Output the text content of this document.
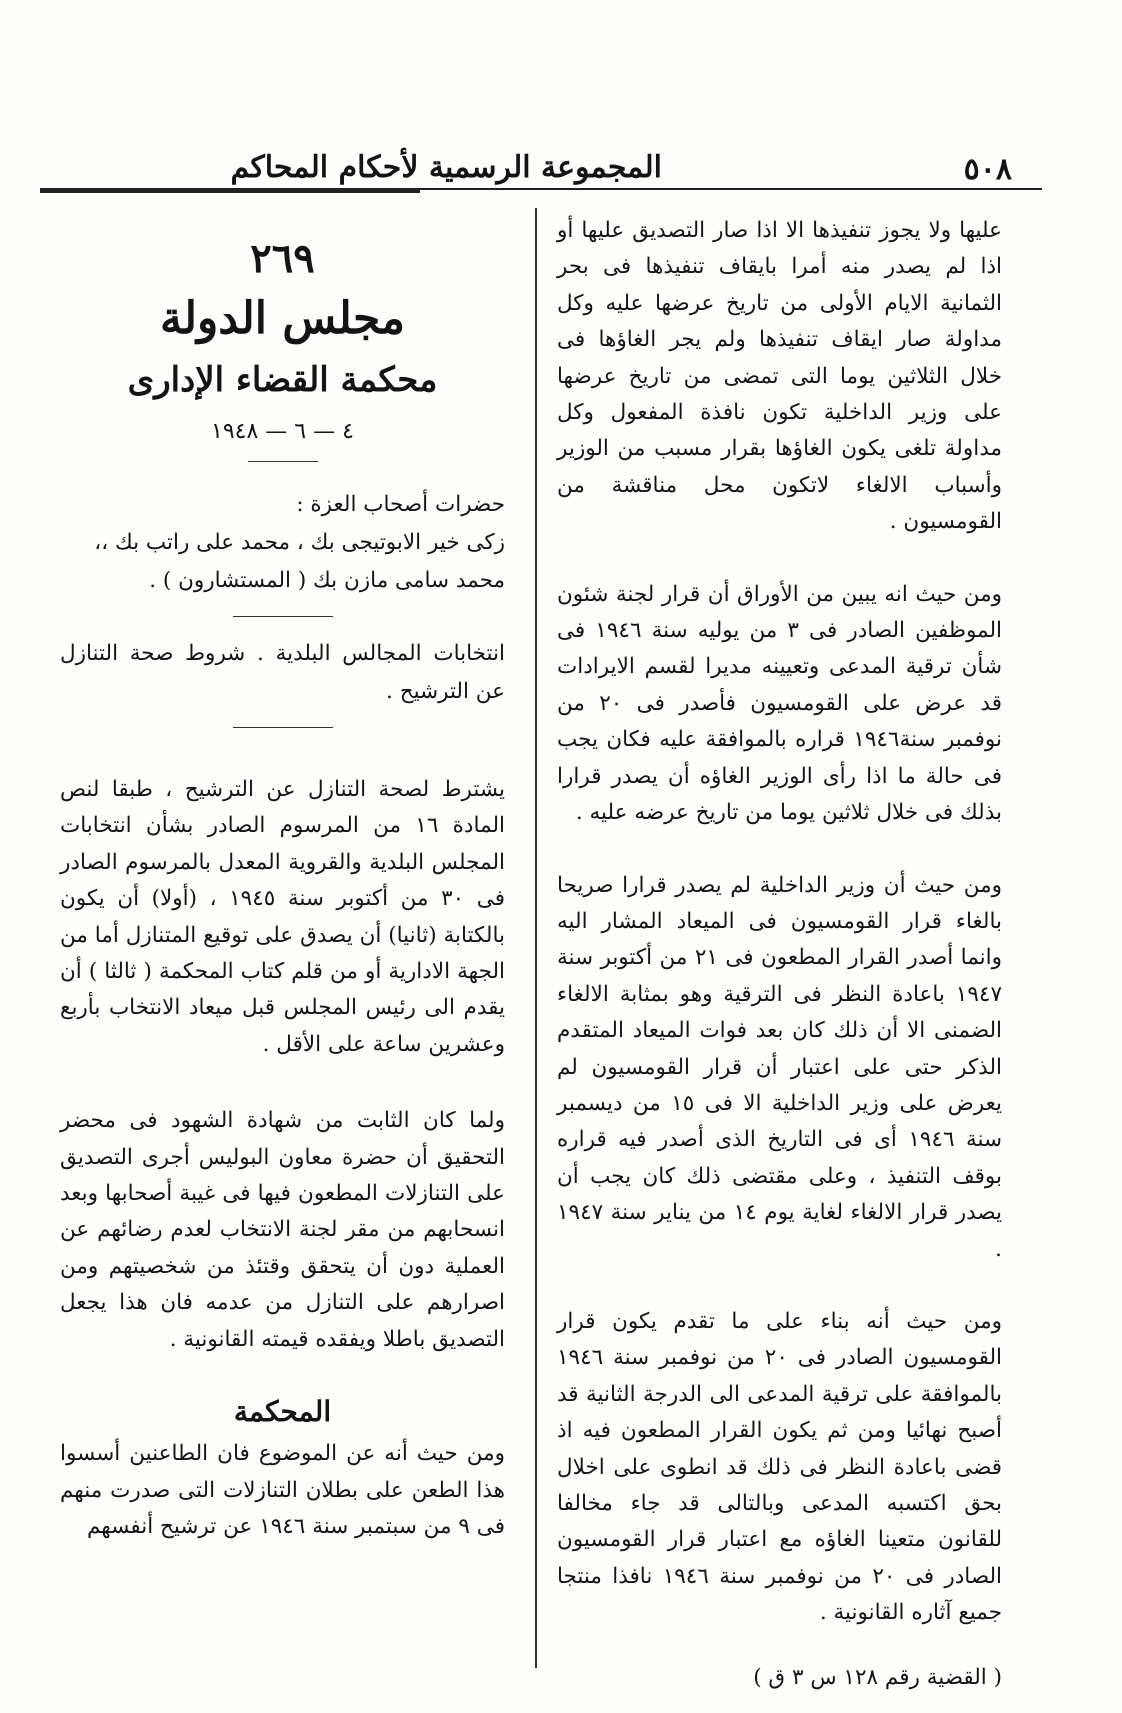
٥٠٨
المجموعة الرسمية لأحكام المحاكم

عليها ولا يجوز تنفيذها الا اذا صار التصديق عليها أو اذا لم يصدر منه أمرا بايقاف تنفيذها فى بحر الثمانية الايام الأولى من تاريخ عرضها عليه وكل مداولة صار ايقاف تنفيذها ولم يجر الغاؤها فى خلال الثلاثين يوما التى تمضى من تاريخ عرضها على وزير الداخلية تكون نافذة المفعول وكل مداولة تلغى يكون الغاؤها بقرار مسبب من الوزير وأسباب الالغاء لاتكون محل مناقشة من القومسيون .

ومن حيث انه يبين من الأوراق أن قرار لجنة شئون الموظفين الصادر فى ٣ من يوليه سنة ١٩٤٦ فى شأن ترقية المدعى وتعيينه مديرا لقسم الايرادات قد عرض على القومسيون فأصدر فى ٢٠ من نوفمبر سنة١٩٤٦ قراره بالموافقة عليه فكان يجب فى حالة ما اذا رأى الوزير الغاؤه أن يصدر قرارا بذلك فى خلال ثلاثين يوما من تاريخ عرضه عليه .

ومن حيث أن وزير الداخلية لم يصدر قرارا صريحا بالغاء قرار القومسيون فى الميعاد المشار اليه وانما أصدر القرار المطعون فى ٢١ من أكتوبر سنة ١٩٤٧ باعادة النظر فى الترقية وهو بمثابة الالغاء الضمنى الا أن ذلك كان بعد فوات الميعاد المتقدم الذكر حتى على اعتبار أن قرار القومسيون لم يعرض على وزير الداخلية الا فى ١٥ من ديسمبر سنة ١٩٤٦ أى فى التاريخ الذى أصدر فيه قراره بوقف التنفيذ ، وعلى مقتضى ذلك كان يجب أن يصدر قرار الالغاء لغاية يوم ١٤ من يناير سنة ١٩٤٧ .

ومن حيث أنه بناء على ما تقدم يكون قرار القومسيون الصادر فى ٢٠ من نوفمبر سنة ١٩٤٦ بالموافقة على ترقية المدعى الى الدرجة الثانية قد أصبح نهائيا ومن ثم يكون القرار المطعون فيه اذ قضى باعادة النظر فى ذلك قد انطوى على اخلال بحق اكتسبه المدعى وبالتالى قد جاء مخالفا للقانون متعينا الغاؤه مع اعتبار قرار القومسيون الصادر فى ٢٠ من نوفمبر سنة ١٩٤٦ نافذا منتجا جميع آثاره القانونية .

( القضية رقم ١٢٨ س ٣ ق )
٢٦٩
مجلس الدولة
محكمة القضاء الإدارى
٤ — ٦ — ١٩٤٨
حضرات أصحاب العزة :
زكى خير الابوتيجى بك ، محمد على راتب بك ،،
محمد سامى مازن بك ( المستشارون ) .
انتخابات المجالس البلدية . شروط صحة التنازل عن الترشيح .

يشترط لصحة التنازل عن الترشيح ، طبقا لنص المادة ١٦ من المرسوم الصادر بشأن انتخابات المجلس البلدية والقروية المعدل بالمرسوم الصادر فى ٣٠ من أكتوبر سنة ١٩٤٥ ، (أولا) أن يكون بالكتابة (ثانيا) أن يصدق على توقيع المتنازل أما من الجهة الادارية أو من قلم كتاب المحكمة ( ثالثا ) أن يقدم الى رئيس المجلس قبل ميعاد الانتخاب بأربع وعشرين ساعة على الأقل .

ولما كان الثابت من شهادة الشهود فى محضر التحقيق أن حضرة معاون البوليس أجرى التصديق على التنازلات المطعون فيها فى غيبة أصحابها وبعد انسحابهم من مقر لجنة الانتخاب لعدم رضائهم عن العملية دون أن يتحقق وقتئذ من شخصيتهم ومن اصرارهم على التنازل من عدمه فان هذا يجعل التصديق باطلا ويفقده قيمته القانونية .

المحكمة

ومن حيث أنه عن الموضوع فان الطاعنين أسسوا هذا الطعن على بطلان التنازلات التى صدرت منهم فى ٩ من سبتمبر سنة ١٩٤٦ عن ترشيح أنفسهم
